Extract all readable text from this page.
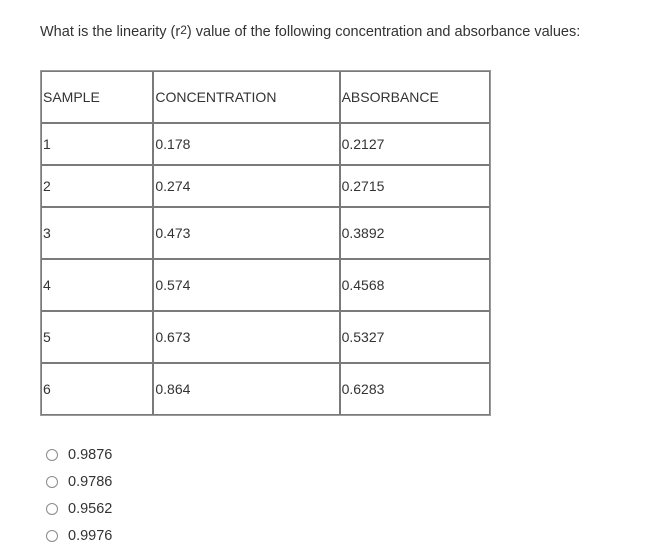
What is the linearity $(r^2)$ value of the following concentration and absorbance values:
SAMPLE	CONCENTRATION	ABSORBANCE
1	0.178	0.2127
2	0.274	0.2715
3	0.473	0.3892
4	0.574	0.4568
5	0.673	0.5327
6	0.864	0.6283
0.9876
0.9786
0.9562
0.9976
